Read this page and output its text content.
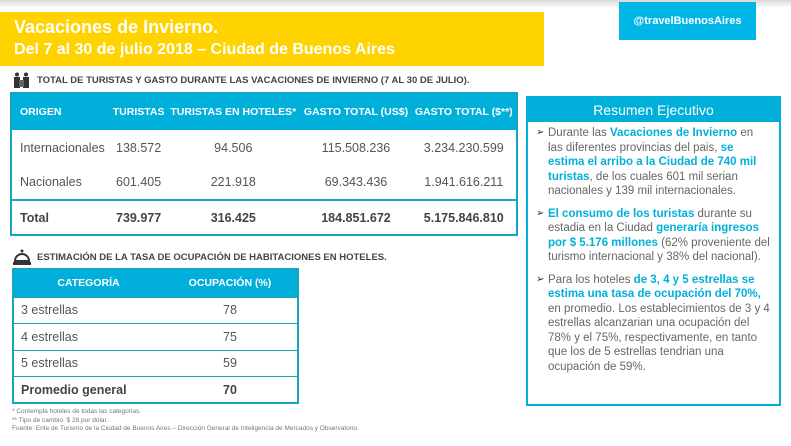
Vacaciones de Invierno.
Del 7 al 30 de julio 2018 – Ciudad de Buenos Aires
@travelBuenosAires
TOTAL DE TURISTAS Y GASTO DURANTE LAS VACACIONES DE INVIERNO (7 AL 30 DE JULIO).
ORIGEN	TURISTAS	TURISTAS EN HOTELES*	GASTO TOTAL (US$)	GASTO TOTAL ($**)
Internacionales	138.572	94.506	115.508.236	3.234.230.599
Nacionales	601.405	221.918	69.343.436	1.941.616.211
Total	739.977	316.425	184.851.672	5.175.846.810
ESTIMACIÓN DE LA TASA DE OCUPACIÓN DE HABITACIONES EN HOTELES.
CATEGORÍA	OCUPACIÓN (%)
3 estrellas	78
4 estrellas	75
5 estrellas	59
Promedio general	70
* Contempla hoteles de todas las categorias.
** Tipo de cambio: $ 28 por dólar.
Fuente: Ente de Turismo de la Ciudad de Buenos Aires – Dirección General de Inteligencia de Mercados y Observatorio.
Resumen Ejecutivo
➢ Durante las Vacaciones de Invierno en las diferentes provincias del pais, se estima el arribo a la Ciudad de 740 mil turistas, de los cuales 601 mil serian nacionales y 139 mil internacionales.
➢ El consumo de los turistas durante su estadia en la Ciudad generaría ingresos por $ 5.176 millones (62% proveniente del turismo internacional y 38% del nacional).
➢ Para los hoteles de 3, 4 y 5 estrellas se estima una tasa de ocupación del 70%, en promedio. Los establecimientos de 3 y 4 estrellas alcanzarian una ocupación del 78% y el 75%, respectivamente, en tanto que los de 5 estrellas tendrian una ocupación de 59%.
